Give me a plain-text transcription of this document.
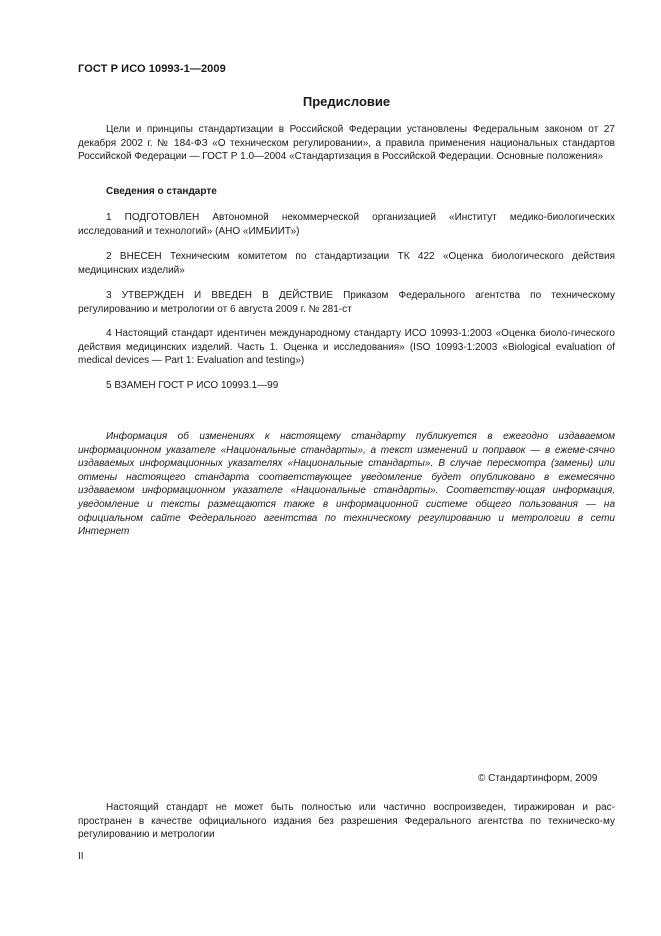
ГОСТ Р ИСО 10993-1—2009
Предисловие

Цели и принципы стандартизации в Российской Федерации установлены Федеральным законом от 27 декабря 2002 г. № 184-ФЗ «О техническом регулировании», а правила применения национальных стандартов Российской Федерации — ГОСТ Р 1.0—2004 «Стандартизация в Российской Федерации. Основные положения»

Сведения о стандарте

1 ПОДГОТОВЛЕН Автономной некоммерческой организацией «Институт медико-биологических исследований и технологий» (АНО «ИМБИИТ»)

2 ВНЕСЕН Техническим комитетом по стандартизации ТК 422 «Оценка биологического действия медицинских изделий»

3 УТВЕРЖДЕН И ВВЕДЕН В ДЕЙСТВИЕ Приказом Федерального агентства по техническому регулированию и метрологии от 6 августа 2009 г. № 281-ст

4 Настоящий стандарт идентичен международному стандарту ИСО 10993-1:2003 «Оценка биоло-гического действия медицинских изделий. Часть 1. Оценка и исследования» (ISO 10993-1:2003 «Biological evaluation of medical devices — Part 1: Evaluation and testing»)

5 ВЗАМЕН ГОСТ Р ИСО 10993.1—99

Информация об изменениях к настоящему стандарту публикуется в ежегодно издаваемом информационном указателе «Национальные стандарты», а текст изменений и поправок — в ежеме-сячно издаваемых информационных указателях «Национальные стандарты». В случае пересмотра (замены) или отмены настоящего стандарта соответствующее уведомление будет опубликовано в ежемесячно издаваемом информационном указателе «Национальные стандарты». Соответству-ющая информация, уведомление и тексты размещаются также в информационной системе общего пользования — на официальном сайте Федерального агентства по техническому регулированию и метрологии в сети Интернет

© Стандартинформ, 2009

Настоящий стандарт не может быть полностью или частично воспроизведен, тиражирован и рас-пространен в качестве официального издания без разрешения Федерального агентства по техническо-му регулированию и метрологии

II
